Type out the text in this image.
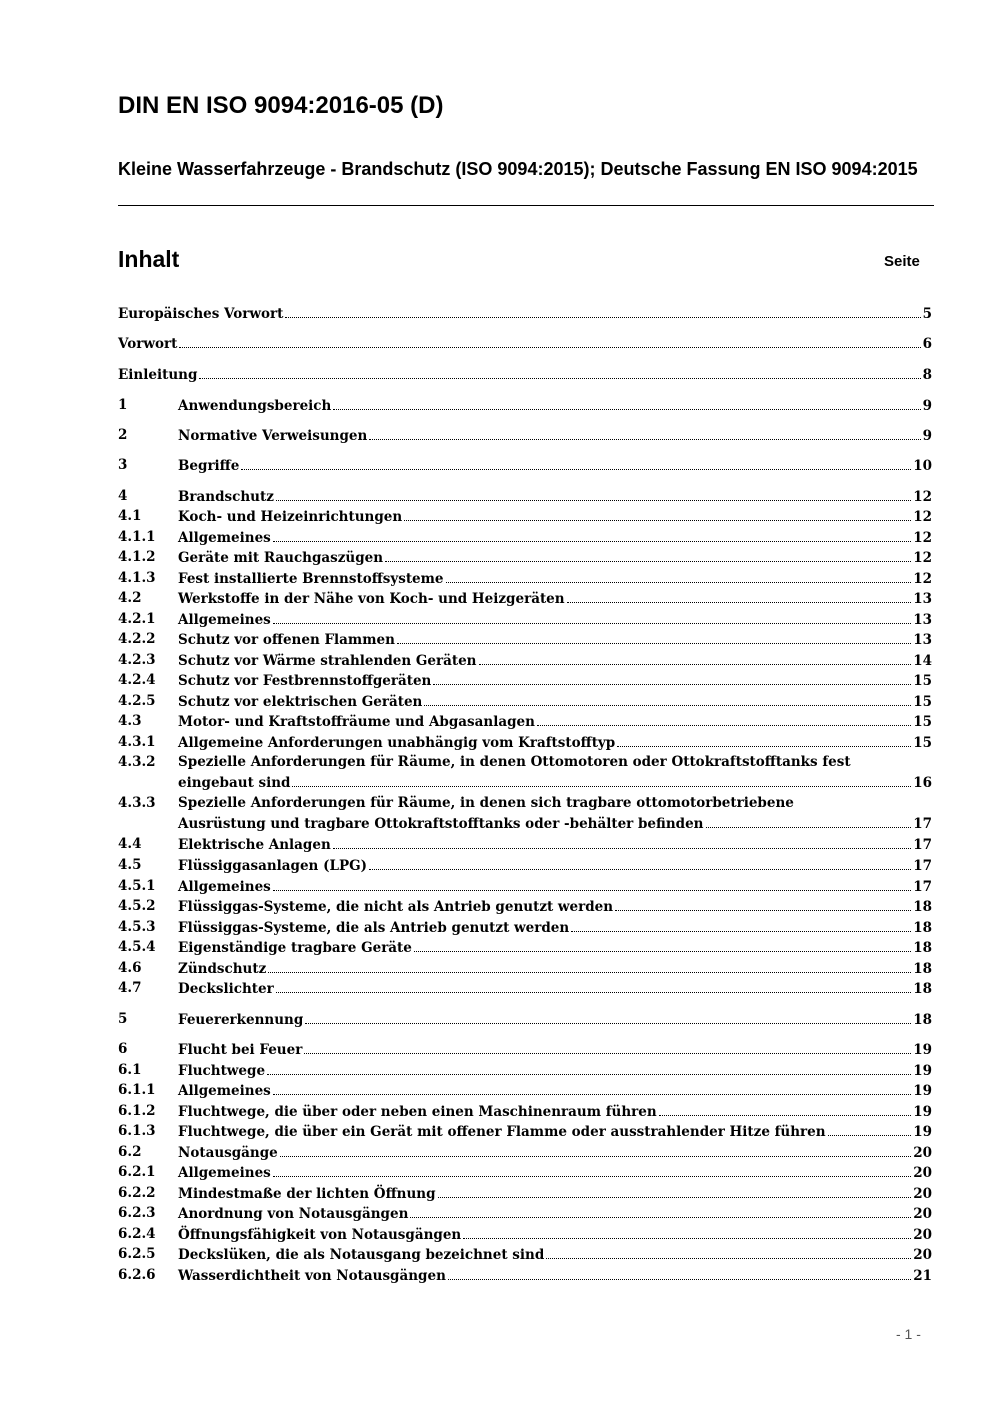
DIN EN ISO 9094:2016-05 (D)
Kleine Wasserfahrzeuge - Brandschutz (ISO 9094:2015); Deutsche Fassung EN ISO 9094:2015
Inhalt	Seite
Europäisches Vorwort	5
Vorwort	6
Einleitung	8
1	Anwendungsbereich	9
2	Normative Verweisungen	9
3	Begriffe	10
4	Brandschutz	12
4.1	Koch- und Heizeinrichtungen	12
4.1.1 Allgemeines	12
4.1.2 Geräte mit Rauchgaszügen	12
4.1.3 Fest installierte Brennstoffsysteme	12
4.2	Werkstoffe in der Nähe von Koch- und Heizgeräten	13
4.2.1 Allgemeines	13
4.2.2 Schutz vor offenen Flammen	13
4.2.3 Schutz vor Wärme strahlenden Geräten	14
4.2.4 Schutz vor Festbrennstoffgeräten	15
4.2.5 Schutz vor elektrischen Geräten	15
4.3	Motor- und Kraftstoffräume und Abgasanlagen	15
4.3.1 Allgemeine Anforderungen unabhängig vom Kraftstofftyp	15
4.3.2 Spezielle Anforderungen für Räume, in denen Ottomotoren oder Ottokraftstofftanks fest
eingebaut sind	16
4.3.3 Spezielle Anforderungen für Räume, in denen sich tragbare ottomotorbetriebene
Ausrüstung und tragbare Ottokraftstofftanks oder -behälter befinden	17
4.4	Elektrische Anlagen	17
4.5	Flüssiggasanlagen (LPG)	17
4.5.1 Allgemeines	17
4.5.2 Flüssiggas-Systeme, die nicht als Antrieb genutzt werden	18
4.5.3 Flüssiggas-Systeme, die als Antrieb genutzt werden	18
4.5.4 Eigenständige tragbare Geräte	18
4.6	Zündschutz	18
4.7	Deckslichter	18
5	Feuererkennung	18
6	Flucht bei Feuer	19
6.1	Fluchtwege	19
6.1.1 Allgemeines	19
6.1.2 Fluchtwege, die über oder neben einen Maschinenraum führen	19
6.1.3 Fluchtwege, die über ein Gerät mit offener Flamme oder ausstrahlender Hitze führen	19
6.2	Notausgänge	20
6.2.1 Allgemeines	20
6.2.2 Mindestmaße der lichten Öffnung	20
6.2.3 Anordnung von Notausgängen	20
6.2.4 Öffnungsfähigkeit von Notausgängen	20
6.2.5 Deckslüken, die als Notausgang bezeichnet sind	20
6.2.6 Wasserdichtheit von Notausgängen	21
- 1 -
